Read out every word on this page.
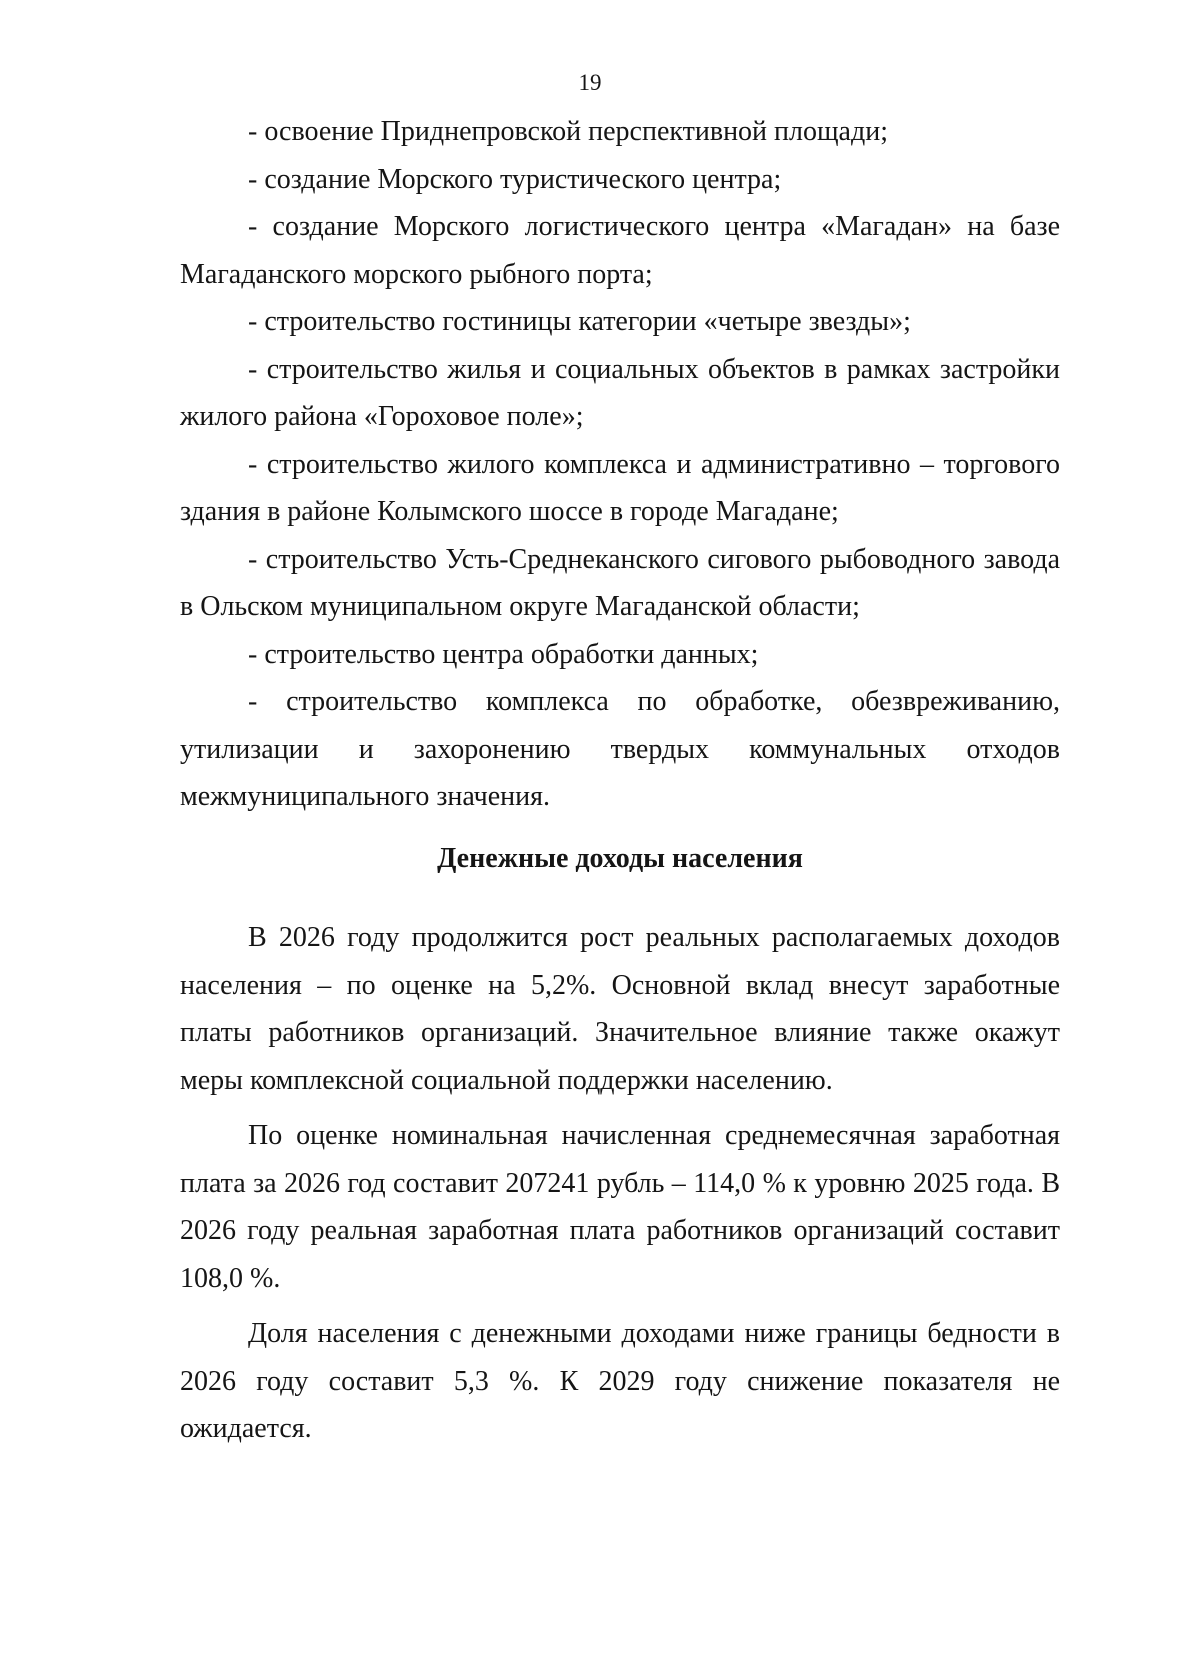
19

- освоение Приднепровской перспективной площади;

- создание Морского туристического центра;

- создание Морского логистического центра «Магадан» на базе Магаданского морского рыбного порта;

- строительство гостиницы категории «четыре звезды»;

- строительство жилья и социальных объектов в рамках застройки жилого района «Гороховое поле»;

- строительство жилого комплекса и административно – торгового здания в районе Колымского шоссе в городе Магадане;

- строительство Усть-Среднеканского сигового рыбоводного завода в Ольском муниципальном округе Магаданской области;

- строительство центра обработки данных;

- строительство комплекса по обработке, обезвреживанию, утилизации и захоронению твердых коммунальных отходов межмуниципального значения.

Денежные доходы населения

В 2026 году продолжится рост реальных располагаемых доходов населения – по оценке на 5,2%. Основной вклад внесут заработные платы работников организаций. Значительное влияние также окажут меры комплексной социальной поддержки населению.

По оценке номинальная начисленная среднемесячная заработная плата за 2026 год составит 207241 рубль – 114,0 % к уровню 2025 года. В 2026 году реальная заработная плата работников организаций составит 108,0 %.

Доля населения с денежными доходами ниже границы бедности в 2026 году составит 5,3 %. К 2029 году снижение показателя не ожидается.
